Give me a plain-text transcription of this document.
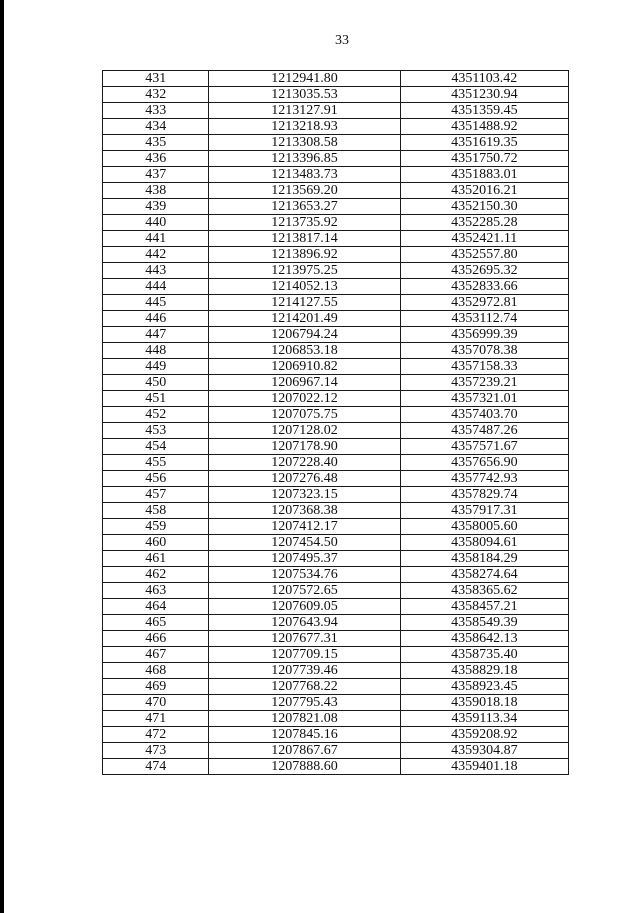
33
431	1212941.80	4351103.42
432	1213035.53	4351230.94
433	1213127.91	4351359.45
434	1213218.93	4351488.92
435	1213308.58	4351619.35
436	1213396.85	4351750.72
437	1213483.73	4351883.01
438	1213569.20	4352016.21
439	1213653.27	4352150.30
440	1213735.92	4352285.28
441	1213817.14	4352421.11
442	1213896.92	4352557.80
443	1213975.25	4352695.32
444	1214052.13	4352833.66
445	1214127.55	4352972.81
446	1214201.49	4353112.74
447	1206794.24	4356999.39
448	1206853.18	4357078.38
449	1206910.82	4357158.33
450	1206967.14	4357239.21
451	1207022.12	4357321.01
452	1207075.75	4357403.70
453	1207128.02	4357487.26
454	1207178.90	4357571.67
455	1207228.40	4357656.90
456	1207276.48	4357742.93
457	1207323.15	4357829.74
458	1207368.38	4357917.31
459	1207412.17	4358005.60
460	1207454.50	4358094.61
461	1207495.37	4358184.29
462	1207534.76	4358274.64
463	1207572.65	4358365.62
464	1207609.05	4358457.21
465	1207643.94	4358549.39
466	1207677.31	4358642.13
467	1207709.15	4358735.40
468	1207739.46	4358829.18
469	1207768.22	4358923.45
470	1207795.43	4359018.18
471	1207821.08	4359113.34
472	1207845.16	4359208.92
473	1207867.67	4359304.87
474	1207888.60	4359401.18
